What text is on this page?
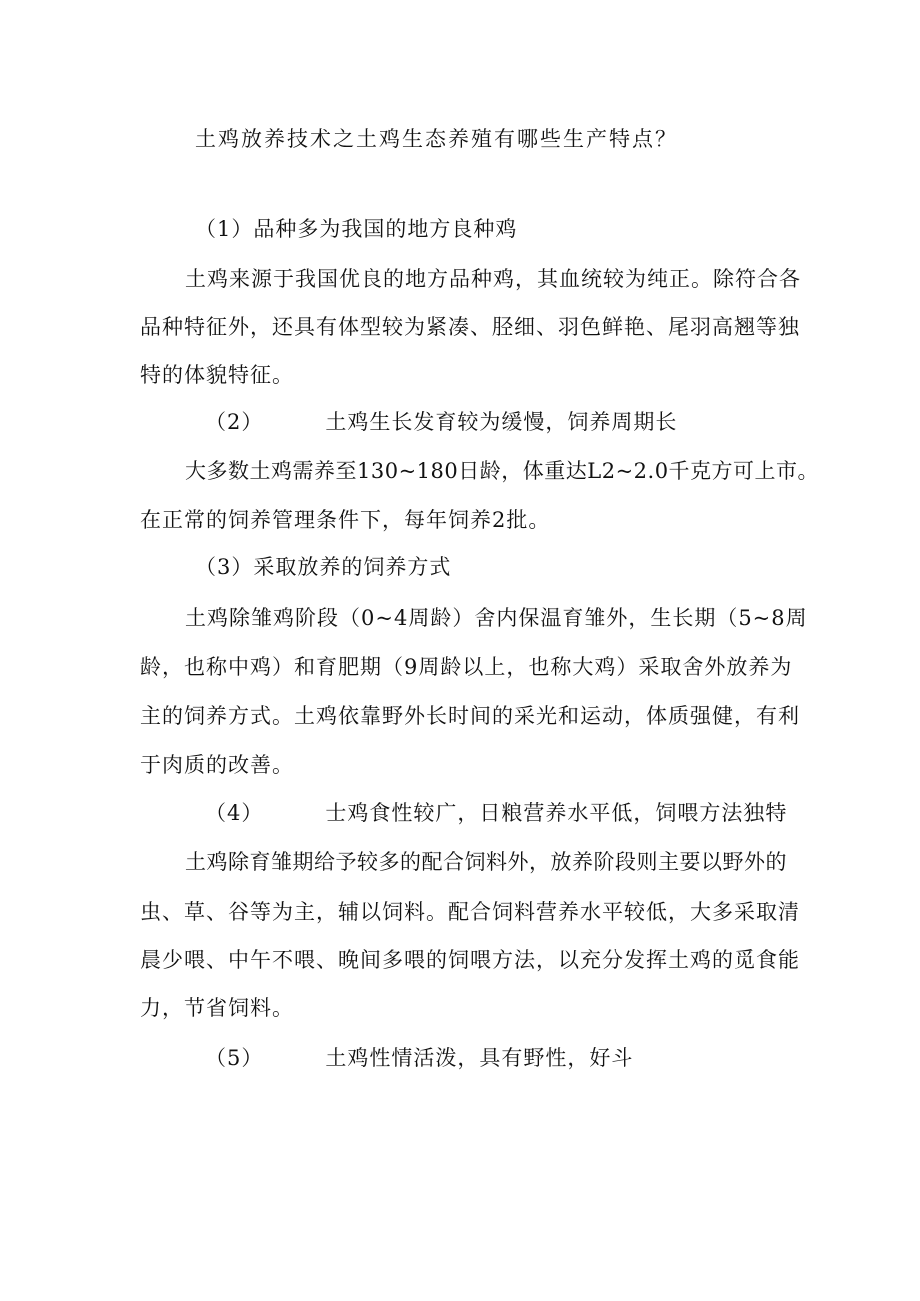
土鸡放养技术之土鸡生态养殖有哪些生产特点？
（1）品种多为我国的地方良种鸡
土鸡来源于我国优良的地方品种鸡，其血统较为纯正。除符合各
品种特征外，还具有体型较为紧凑、胫细、羽色鲜艳、尾羽高翘等独
特的体貌特征。
（2）	土鸡生长发育较为缓慢，饲养周期长
大多数土鸡需养至130~180日龄，体重达L2~2.0千克方可上市。
在正常的饲养管理条件下，每年饲养2批。
（3）采取放养的饲养方式
土鸡除雏鸡阶段（0~4周龄）舍内保温育雏外，生长期（5~8周
龄，也称中鸡）和育肥期（9周龄以上，也称大鸡）采取舍外放养为
主的饲养方式。土鸡依靠野外长时间的采光和运动，体质强健，有利
于肉质的改善。
（4）	士鸡食性较广，日粮营养水平低，饲喂方法独特
土鸡除育雏期给予较多的配合饲料外，放养阶段则主要以野外的
虫、草、谷等为主，辅以饲料。配合饲料营养水平较低，大多采取清
晨少喂、中午不喂、晚间多喂的饲喂方法，以充分发挥土鸡的觅食能
力，节省饲料。
（5）	土鸡性情活泼，具有野性，好斗
